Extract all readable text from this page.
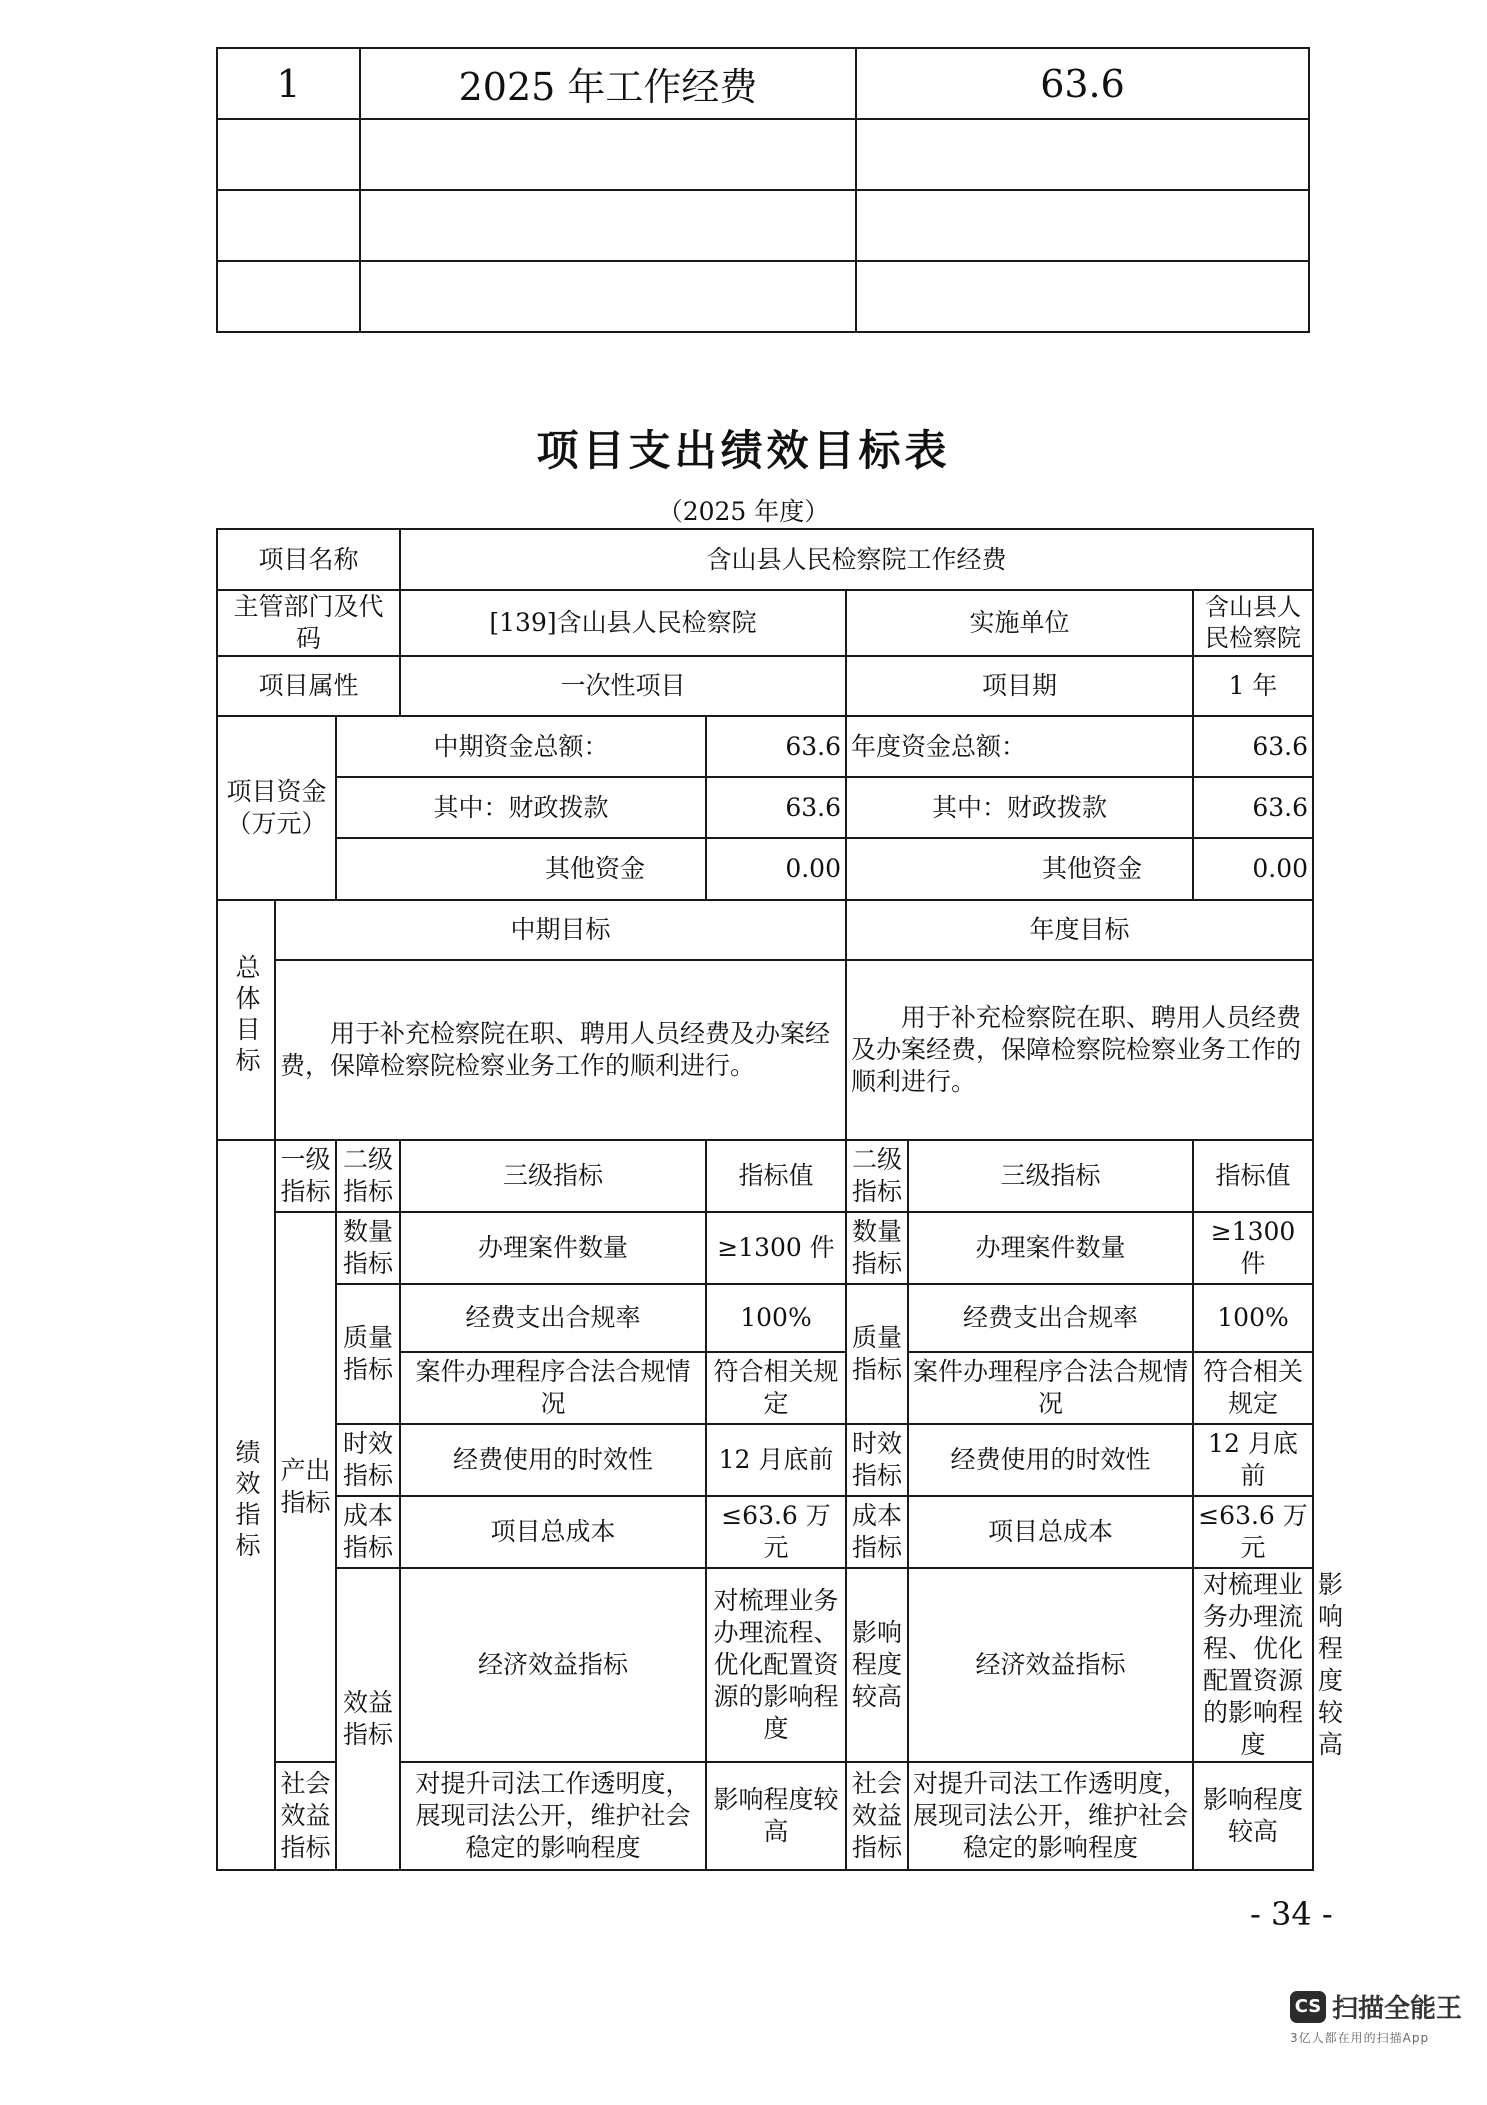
1	2025 年工作经费	63.6

项目支出绩效目标表
（2025 年度）
项目名称			含山县人民检察院工作经费					
主管部门及代码			[139]含山县人民检察院		实施单位		含山县人民检察院	
项目属性			一次性项目		项目期		1 年	
项目资金（万元）		中期资金总额：		63.6	年度资金总额：		63.6	
		其中：财政拨款		63.6	其中：财政拨款		63.6	
		其他资金		0.00	其他资金		0.00	
总体目标	中期目标				年度目标			
	用于补充检察院在职、聘用人员经费及办案经费，保障检察院检察业务工作的顺利进行。				用于补充检察院在职、聘用人员经费及办案经费，保障检察院检察业务工作的顺利进行。			
绩效指标	一级指标	二级指标	三级指标	指标值	二级指标	三级指标	指标值	
	产出指标	数量指标	办理案件数量	≥1300 件	数量指标	办理案件数量	≥1300 件	
		质量指标	经费支出合规率	100%	质量指标	经费支出合规率	100%	
			案件办理程序合法合规情况	符合相关规定		案件办理程序合法合规情况	符合相关规定	
		时效指标	经费使用的时效性	12 月底前	时效指标	经费使用的时效性	12 月底前	
		成本指标	项目总成本	≤63.6 万元	成本指标	项目总成本	≤63.6 万元	
		效益指标	经济效益指标	对梳理业务办理流程、优化配置资源的影响程度	影响程度较高	经济效益指标	对梳理业务办理流程、优化配置资源的影响程度	影响程度较高
	社会效益指标		对提升司法工作透明度，展现司法公开，维护社会稳定的影响程度	影响程度较高	社会效益指标	对提升司法工作透明度，展现司法公开，维护社会稳定的影响程度	影响程度较高	
- 34 -
CS 扫描全能王
3亿人都在用的扫描App
